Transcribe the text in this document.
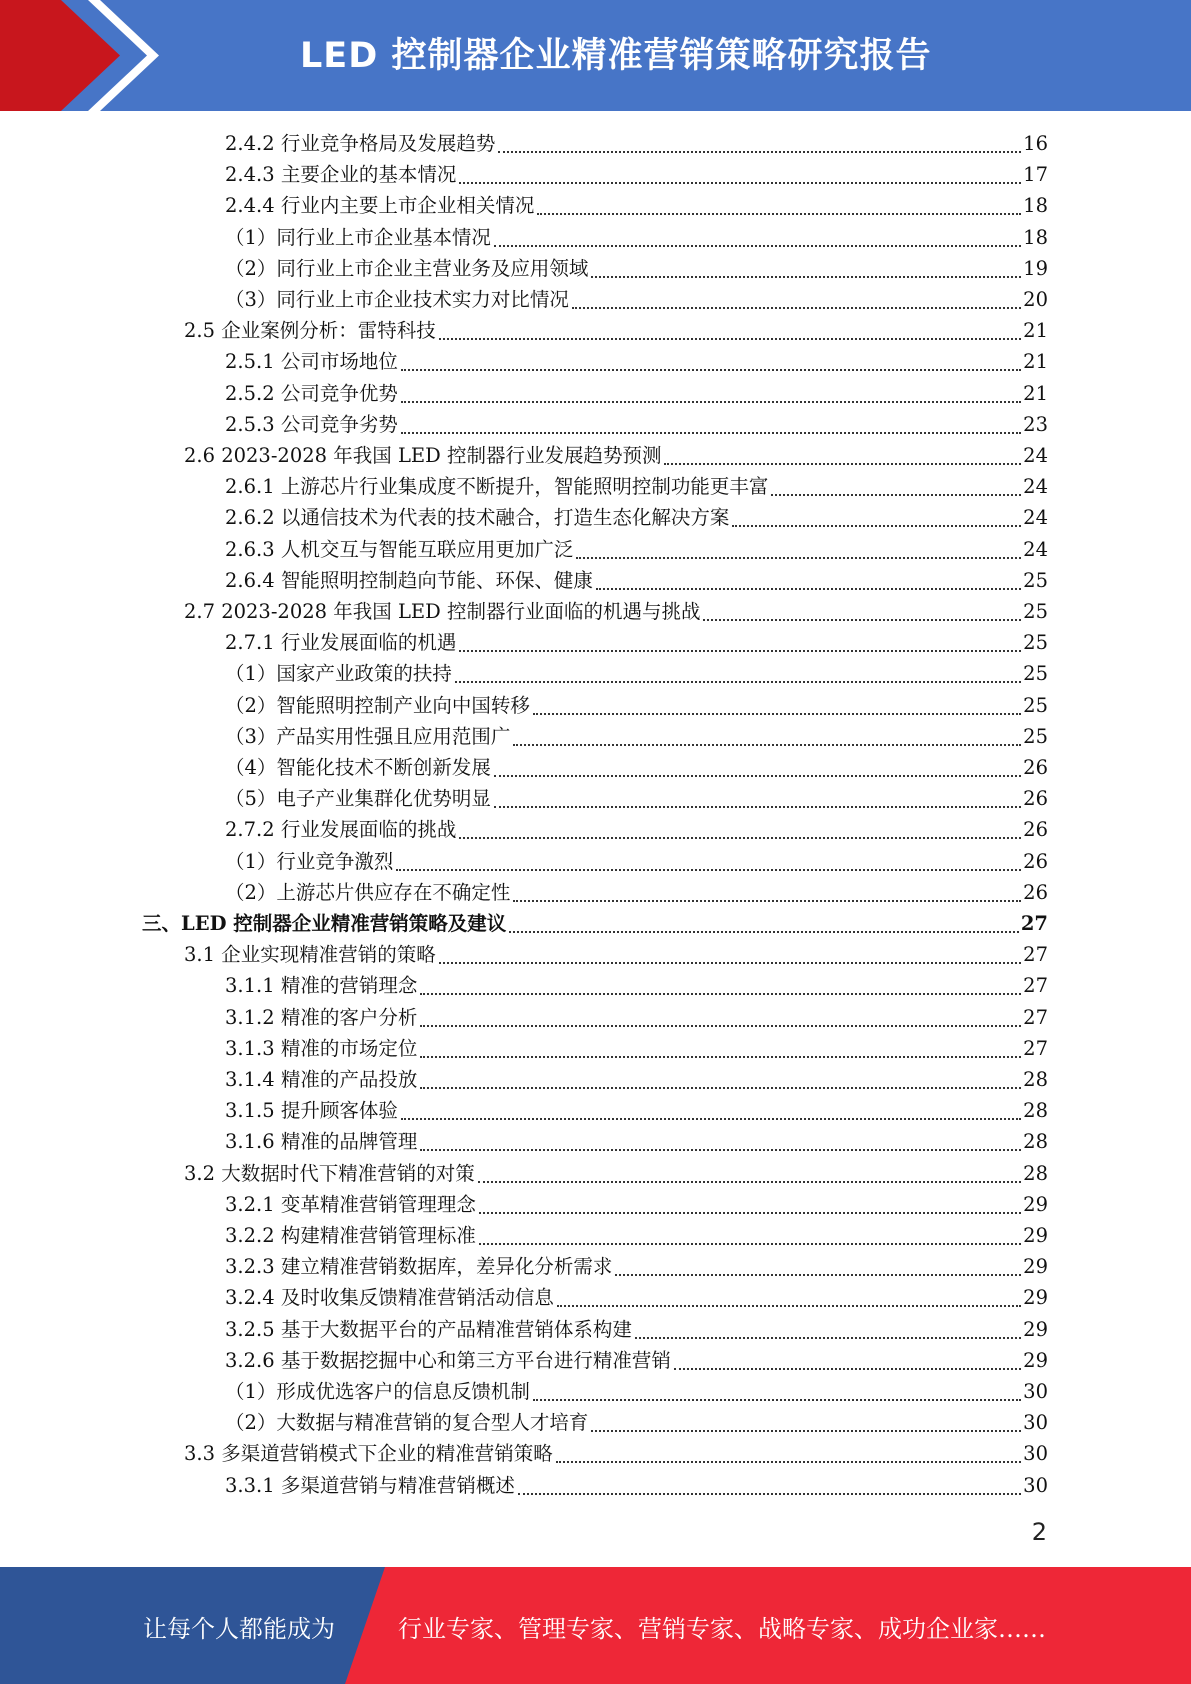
LED 控制器企业精准营销策略研究报告
2.4.2 行业竞争格局及发展趋势	16
2.4.3 主要企业的基本情况	17
2.4.4 行业内主要上市企业相关情况	18
（1）同行业上市企业基本情况	18
（2）同行业上市企业主营业务及应用领域	19
（3）同行业上市企业技术实力对比情况	20
2.5 企业案例分析：雷特科技	21
2.5.1 公司市场地位	21
2.5.2 公司竞争优势	21
2.5.3 公司竞争劣势	23
2.6 2023-2028 年我国 LED 控制器行业发展趋势预测	24
2.6.1 上游芯片行业集成度不断提升，智能照明控制功能更丰富	24
2.6.2 以通信技术为代表的技术融合，打造生态化解决方案	24
2.6.3 人机交互与智能互联应用更加广泛	24
2.6.4 智能照明控制趋向节能、环保、健康	25
2.7 2023-2028 年我国 LED 控制器行业面临的机遇与挑战	25
2.7.1 行业发展面临的机遇	25
（1）国家产业政策的扶持	25
（2）智能照明控制产业向中国转移	25
（3）产品实用性强且应用范围广	25
（4）智能化技术不断创新发展	26
（5）电子产业集群化优势明显	26
2.7.2 行业发展面临的挑战	26
（1）行业竞争激烈	26
（2）上游芯片供应存在不确定性	26
三、LED 控制器企业精准营销策略及建议	27
3.1 企业实现精准营销的策略	27
3.1.1 精准的营销理念	27
3.1.2 精准的客户分析	27
3.1.3 精准的市场定位	27
3.1.4 精准的产品投放	28
3.1.5 提升顾客体验	28
3.1.6 精准的品牌管理	28
3.2 大数据时代下精准营销的对策	28
3.2.1 变革精准营销管理理念	29
3.2.2 构建精准营销管理标准	29
3.2.3 建立精准营销数据库，差异化分析需求	29
3.2.4 及时收集反馈精准营销活动信息	29
3.2.5 基于大数据平台的产品精准营销体系构建	29
3.2.6 基于数据挖掘中心和第三方平台进行精准营销	29
（1）形成优选客户的信息反馈机制	30
（2）大数据与精准营销的复合型人才培育	30
3.3 多渠道营销模式下企业的精准营销策略	30
3.3.1 多渠道营销与精准营销概述	30
2
让每个人都能成为	行业专家、管理专家、营销专家、战略专家、成功企业家……
